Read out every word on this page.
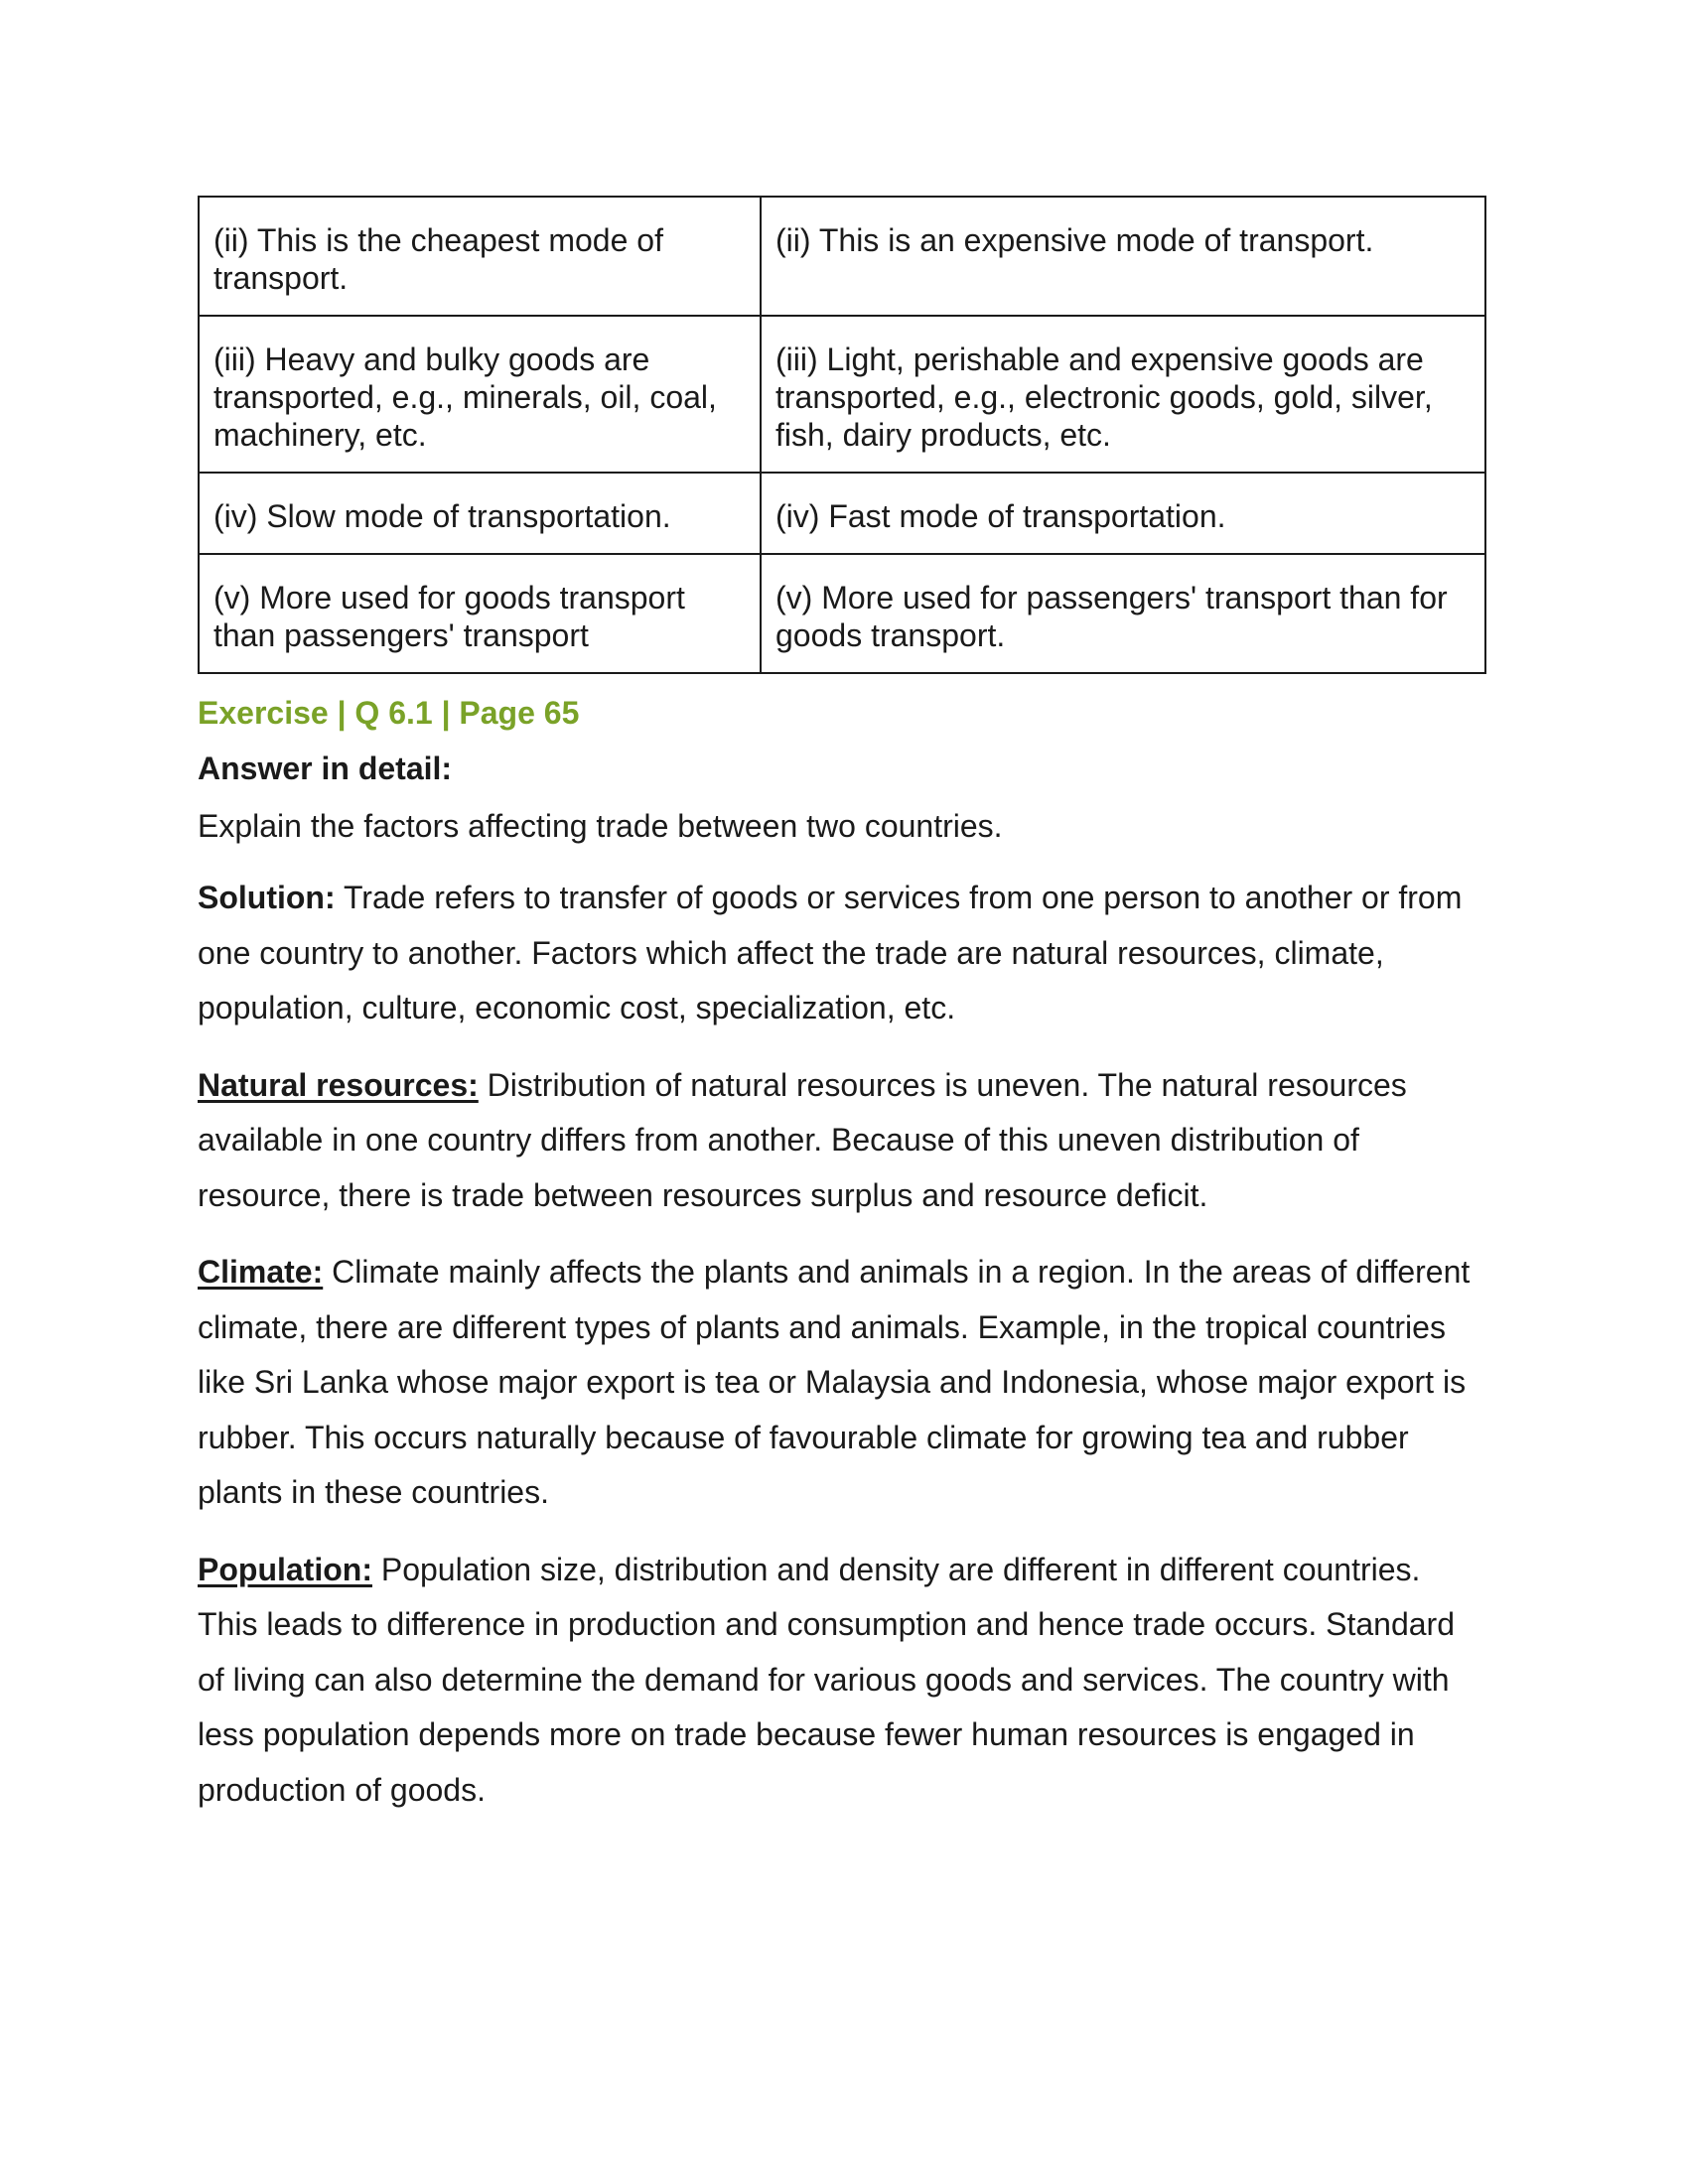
(ii) This is the cheapest mode of transport.	(ii) This is an expensive mode of transport.
(iii) Heavy and bulky goods are transported, e.g., minerals, oil, coal, machinery, etc.	(iii) Light, perishable and expensive goods are transported, e.g., electronic goods, gold, silver, fish, dairy products, etc.
(iv) Slow mode of transportation.	(iv) Fast mode of transportation.
(v) More used for goods transport than passengers' transport	(v) More used for passengers' transport than for goods transport.
Exercise | Q 6.1 | Page 65
Answer in detail:
Explain the factors affecting trade between two countries.
Solution: Trade refers to transfer of goods or services from one person to another or from one country to another. Factors which affect the trade are natural resources, climate, population, culture, economic cost, specialization, etc.
Natural resources: Distribution of natural resources is uneven. The natural resources available in one country differs from another. Because of this uneven distribution of resource, there is trade between resources surplus and resource deficit.
Climate: Climate mainly affects the plants and animals in a region. In the areas of different climate, there are different types of plants and animals. Example, in the tropical countries like Sri Lanka whose major export is tea or Malaysia and Indonesia, whose major export is rubber. This occurs naturally because of favourable climate for growing tea and rubber plants in these countries.
Population: Population size, distribution and density are different in different countries. This leads to difference in production and consumption and hence trade occurs. Standard of living can also determine the demand for various goods and services. The country with less population depends more on trade because fewer human resources is engaged in production of goods.
